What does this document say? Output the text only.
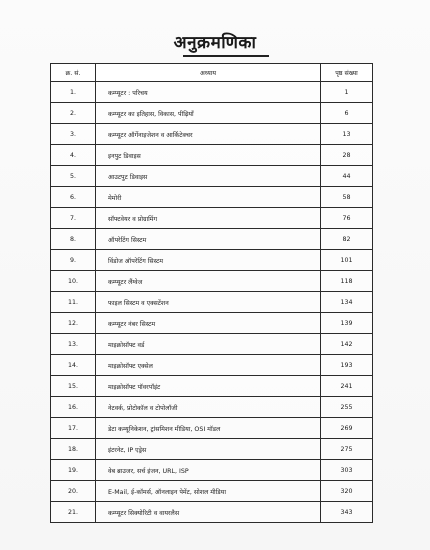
अनुक्रमणिका
क्र. सं.	अध्याय	पृष्ठ संख्या
1.	कम्प्यूटर : परिचय	1
2.	कम्प्यूटर का इतिहास, विकास, पीढ़ियाँ	6
3.	कम्प्यूटर ऑर्गेनाइजेशन व आर्किटेक्चर	13
4.	इनपुट डिवाइस	28
5.	आउटपुट डिवाइस	44
6.	मेमोरी	58
7.	सॉफ्टवेयर व प्रोग्रामिंग	76
8.	ऑपरेटिंग सिस्टम	82
9.	विंडोज ऑपरेटिंग सिस्टम	101
10.	कम्प्यूटर लैंग्वेज	118
11.	फाइल सिस्टम व एक्सटेंशन	134
12.	कम्प्यूटर नंबर सिस्टम	139
13.	माइक्रोसॉफ्ट वर्ड	142
14.	माइक्रोसॉफ्ट एक्सेल	193
15.	माइक्रोसॉफ्ट पॉवरपॉइंट	241
16.	नेटवर्क, प्रोटोकॉल व टोपोलॉजी	255
17.	डेटा कम्यूनिकेशन, ट्रांसमिशन मीडिया, OSI मॉडल	269
18.	इंटरनेट, IP एड्रेस	275
19.	वेब ब्राउजर, सर्च इंजन, URL, ISP	303
20.	E-Mail, ई-कॉमर्स, ऑनलाइन पेमेंट, सोशल मीडिया	320
21.	कम्प्यूटर सिक्योरिटी व वायरलैस	343
